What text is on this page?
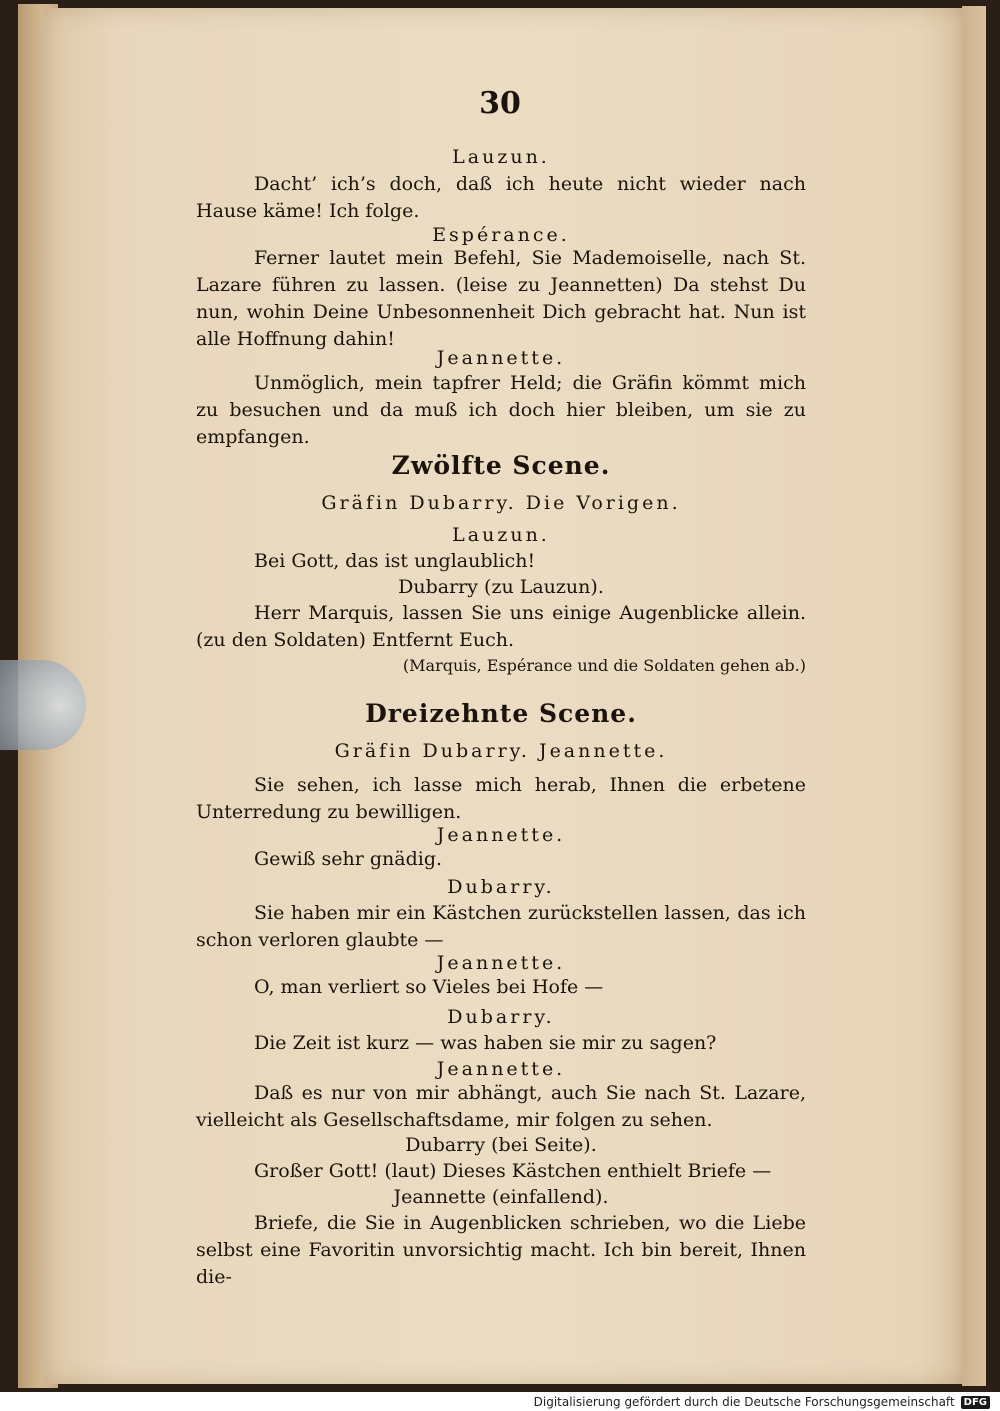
30
Lauzun.
Dacht’ ich’s doch, daß ich heute nicht wieder nach Hause käme! Ich folge.
Espérance.
Ferner lautet mein Befehl, Sie Mademoiselle, nach St. Lazare führen zu lassen. (leise zu Jeannetten) Da stehst Du nun, wohin Deine Unbesonnenheit Dich gebracht hat. Nun ist alle Hoffnung dahin!
Jeannette.
Unmöglich, mein tapfrer Held; die Gräfin kömmt mich zu besuchen und da muß ich doch hier bleiben, um sie zu empfangen.
Zwölfte Scene.
Gräfin Dubarry. Die Vorigen.
Lauzun.
Bei Gott, das ist unglaublich!
Dubarry (zu Lauzun).
Herr Marquis, lassen Sie uns einige Augenblicke allein. (zu den Soldaten) Entfernt Euch.
(Marquis, Espérance und die Soldaten gehen ab.)
Dreizehnte Scene.
Gräfin Dubarry. Jeannette.
Sie sehen, ich lasse mich herab, Ihnen die erbetene Unterredung zu bewilligen.
Jeannette.
Gewiß sehr gnädig.
Dubarry.
Sie haben mir ein Kästchen zurückstellen lassen, das ich schon verloren glaubte —
Jeannette.
O, man verliert so Vieles bei Hofe —
Dubarry.
Die Zeit ist kurz — was haben sie mir zu sagen?
Jeannette.
Daß es nur von mir abhängt, auch Sie nach St. Lazare, vielleicht als Gesellschaftsdame, mir folgen zu sehen.
Dubarry (bei Seite).
Großer Gott! (laut) Dieses Kästchen enthielt Briefe —
Jeannette (einfallend).
Briefe, die Sie in Augenblicken schrieben, wo die Liebe selbst eine Favoritin unvorsichtig macht. Ich bin bereit, Ihnen die-
Digitalisierung gefördert durch die Deutsche Forschungsgemeinschaft DFG
